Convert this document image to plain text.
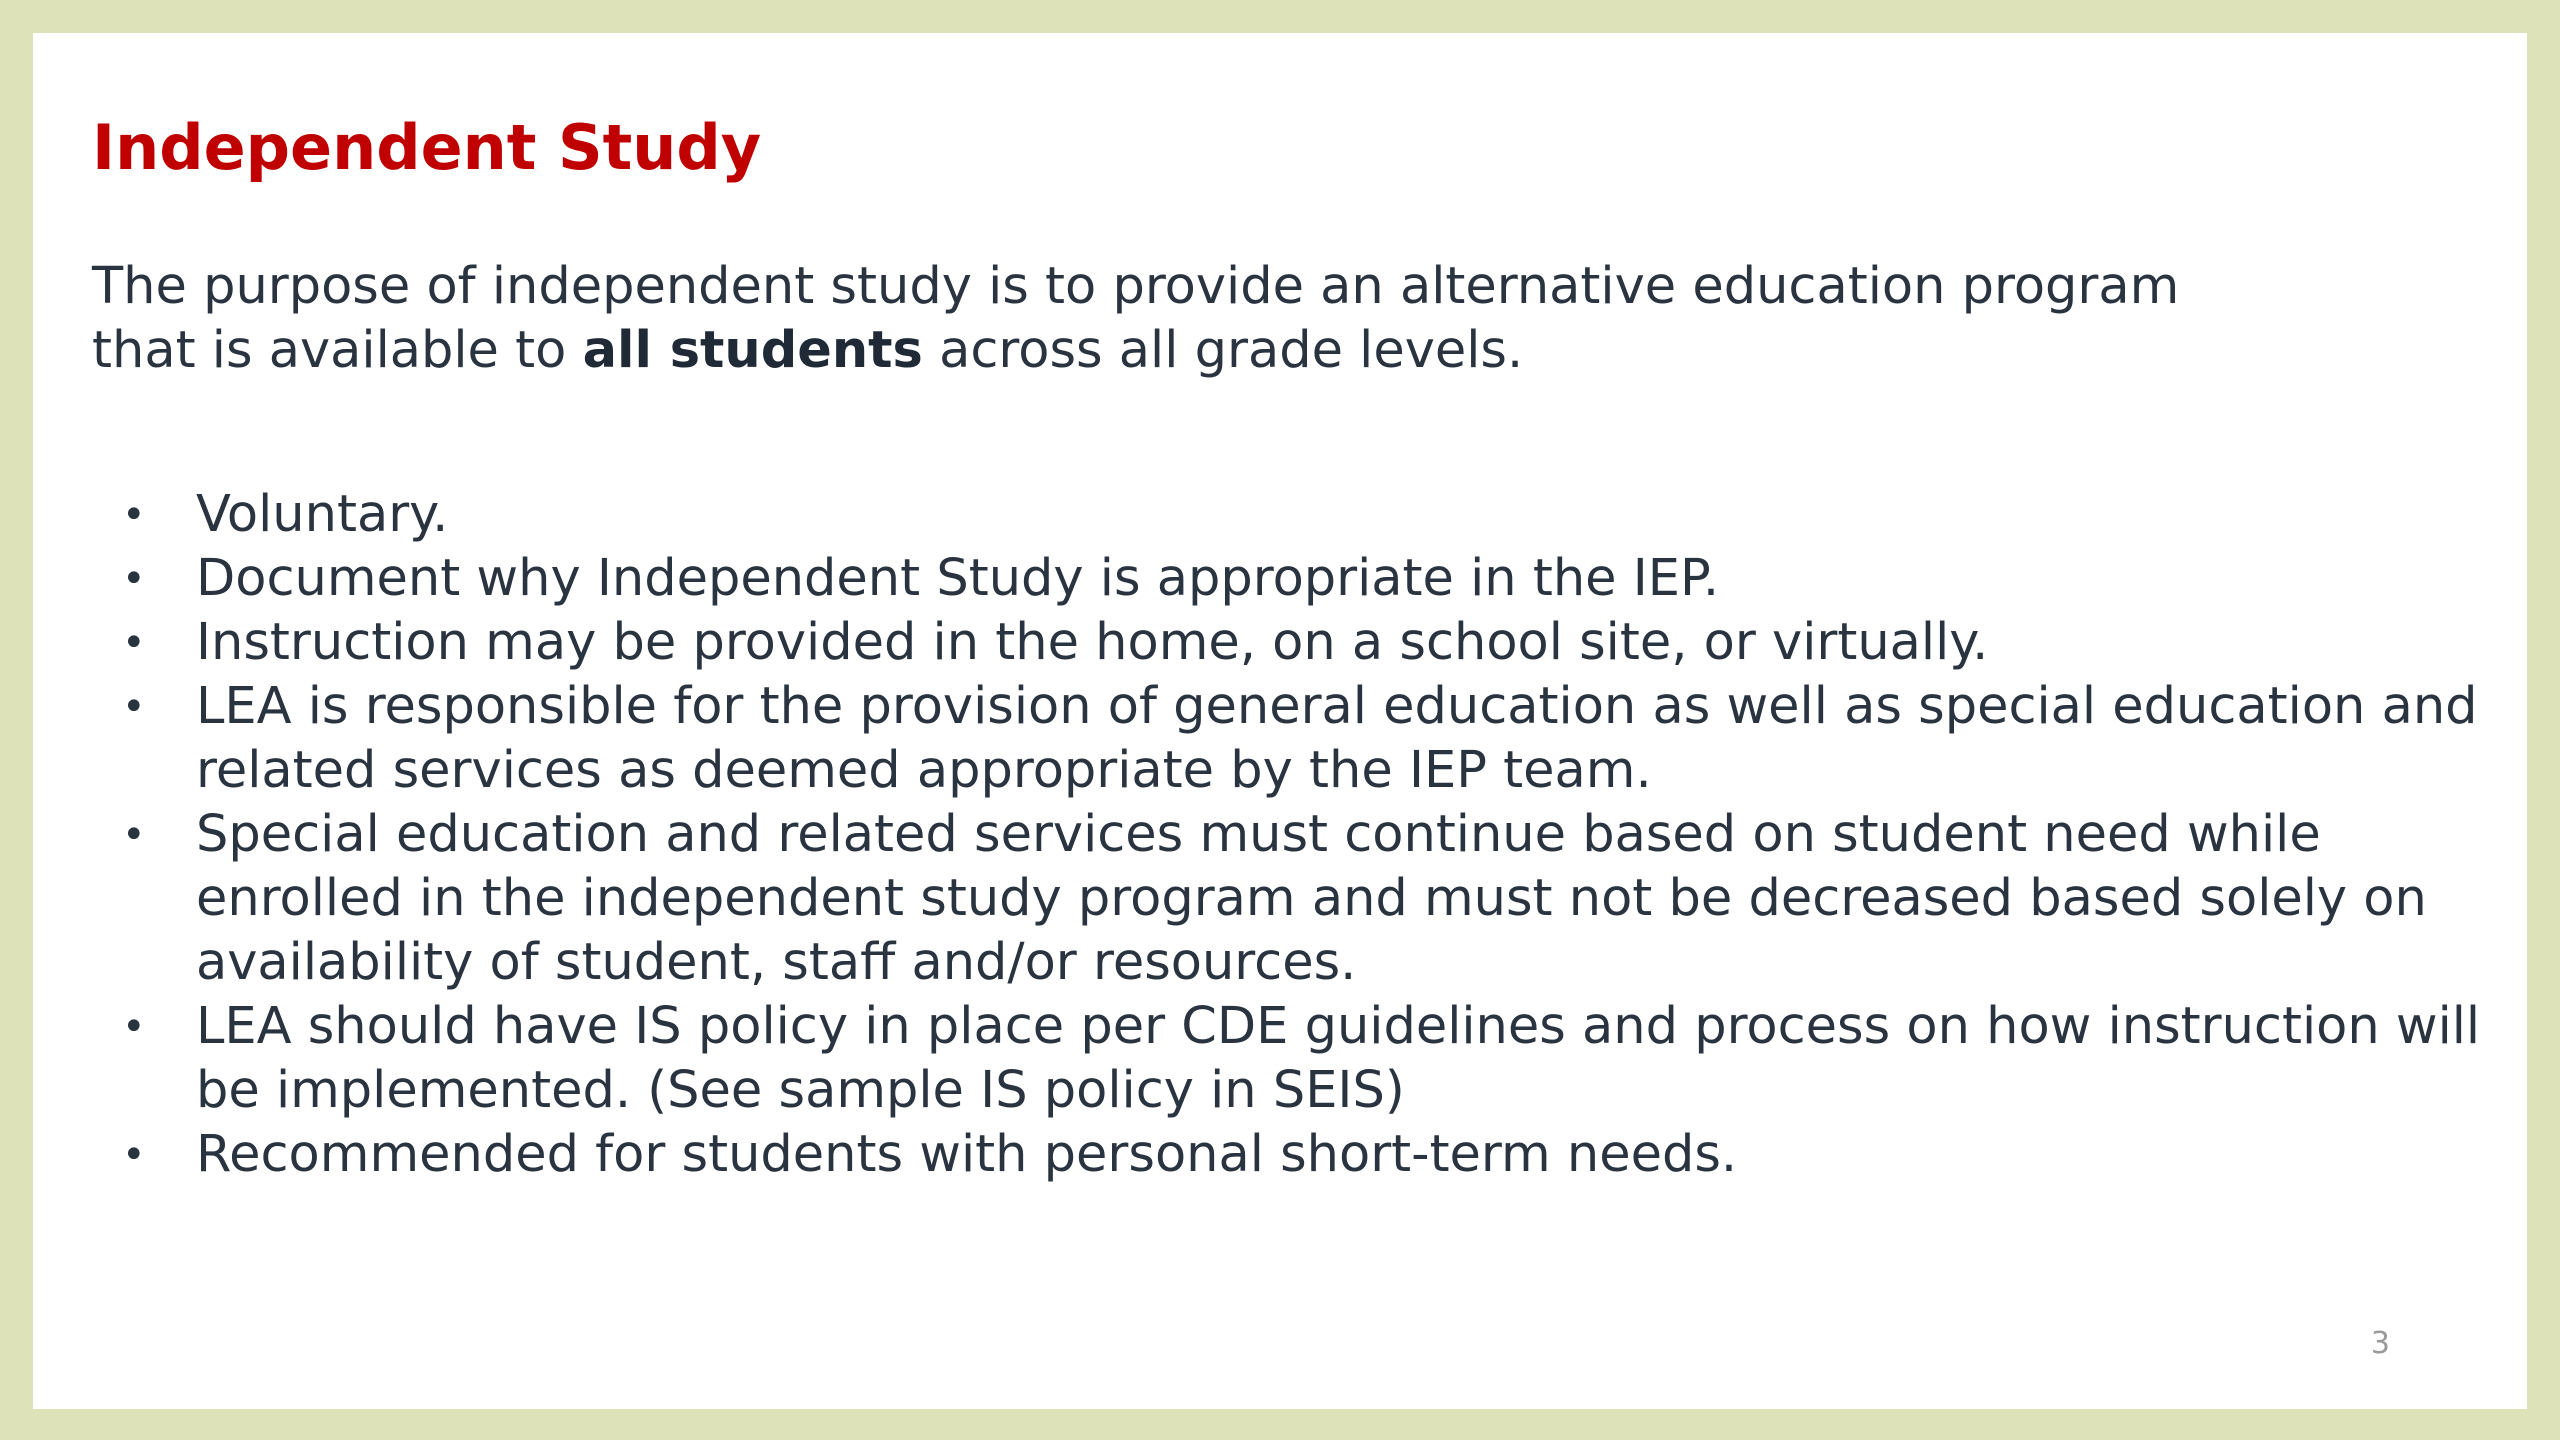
Independent Study

The purpose of independent study is to provide an alternative education program
that is available to all students across all grade levels.

• Voluntary.
• Document why Independent Study is appropriate in the IEP.
• Instruction may be provided in the home, on a school site, or virtually.
• LEA is responsible for the provision of general education as well as special education and related services as deemed appropriate by the IEP team.
• Special education and related services must continue based on student need while enrolled in the independent study program and must not be decreased based solely on availability of student, staff and/or resources.
• LEA should have IS policy in place per CDE guidelines and process on how instruction will be implemented. (See sample IS policy in SEIS)
• Recommended for students with personal short-term needs.
3
